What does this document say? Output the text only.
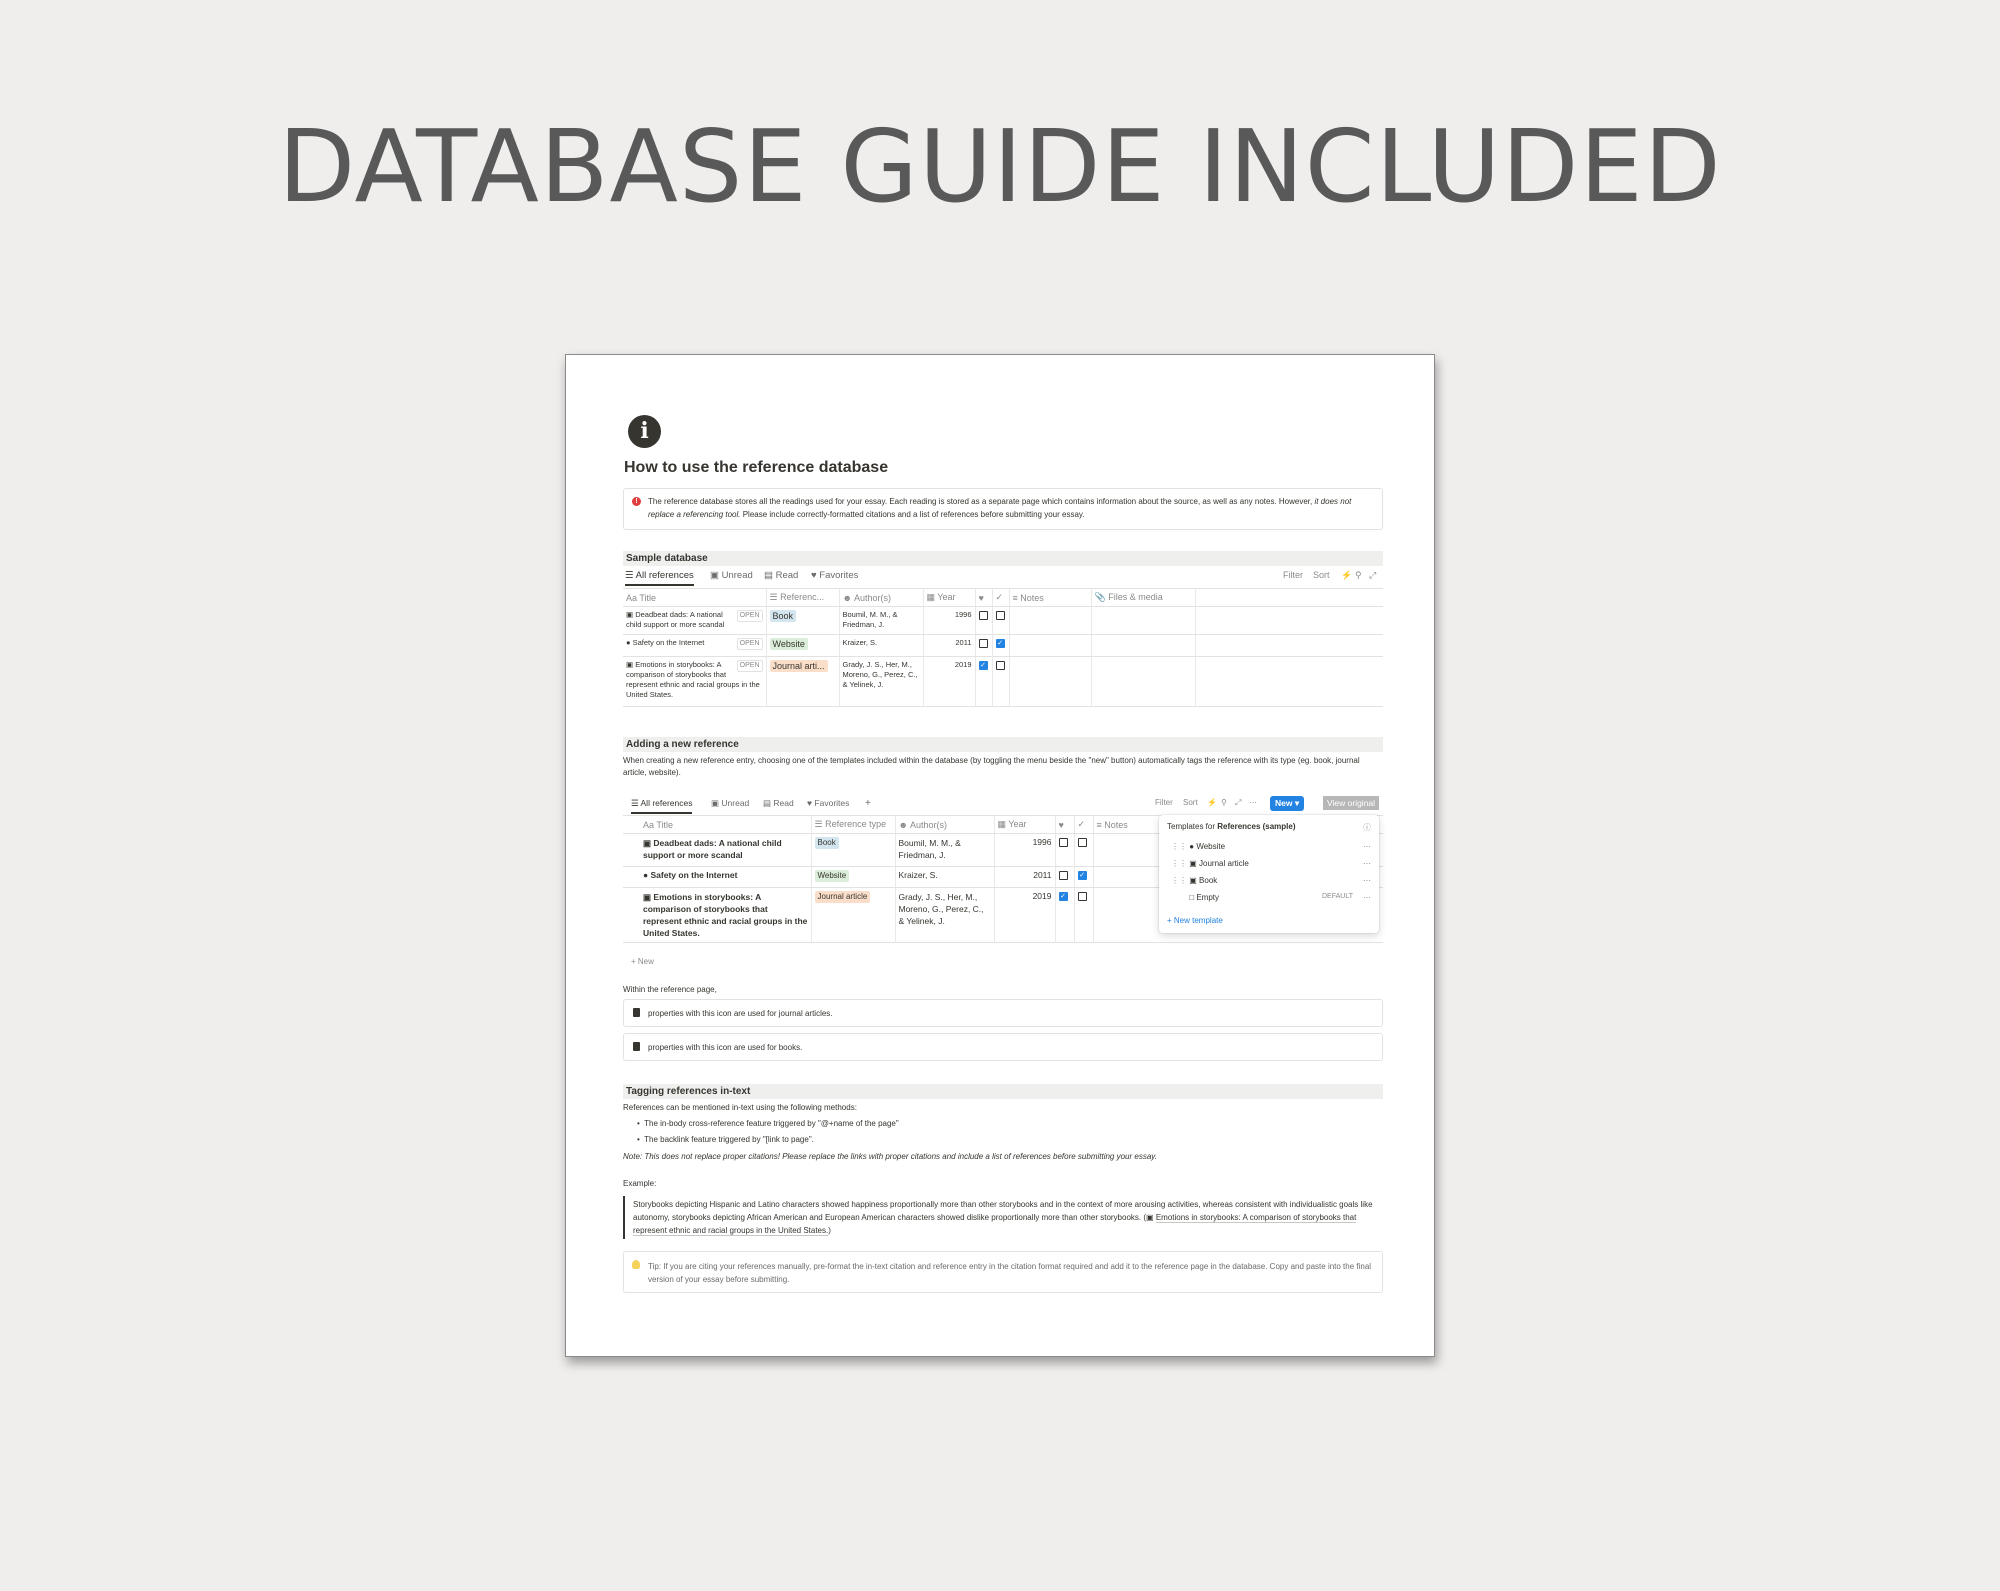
DATABASE GUIDE INCLUDED
i
How to use the reference database
!	The reference database stores all the readings used for your essay. Each reading is stored as a separate page which contains information about the source, as well as any notes. However, it does not replace a referencing tool. Please include correctly-formatted citations and a list of references before submitting your essay.
Sample database
☰ All references ▣ Unread ▤ Read ♥ Favorites	Filter Sort ⚡ ⚲ ⤢
Aa Title	☰ Referenc...	☻ Author(s)	▦ Year	♥	✓	≡ Notes	📎 Files & media	

OPEN
▣ Deadbeat dads: A national child support or more scandal	Book	Boumil, M. M., & Friedman, J.	1996					

OPEN
● Safety on the Internet	Website	Kraizer, S.	2011		✓			

OPEN
▣ Emotions in storybooks: A comparison of storybooks that represent ethnic and racial groups in the United States.	Journal arti...	Grady, J. S., Her, M., Moreno, G., Perez, C., & Yelinek, J.	2019	✓				
Adding a new reference
When creating a new reference entry, choosing one of the templates included within the database (by toggling the menu beside the "new" button) automatically tags the reference with its type (eg. book, journal article, website).
☰ All references ▣ Unread ▤ Read ♥ Favorites +	Filter Sort ⚡ ⚲ ⤢ ⋯	New ▾	View original
Aa Title	☰ Reference type	☻ Author(s)	▦ Year	♥	✓	≡ Notes
▣ Deadbeat dads: A national child support or more scandal	Book	Boumil, M. M., & Friedman, J.	1996			
● Safety on the Internet	Website	Kraizer, S.	2011		✓	
▣ Emotions in storybooks: A comparison of storybooks that represent ethnic and racial groups in the United States.	Journal article	Grady, J. S., Her, M., Moreno, G., Perez, C., & Yelinek, J.	2019	✓		
+ New
Templates for References (sample)	ⓘ
⋮⋮ ● Website	⋯
⋮⋮ ▣ Journal article	⋯
⋮⋮ ▣ Book	⋯
⋮⋮ □ Empty	DEFAULT ⋯
+ New template
Within the reference page,
properties with this icon are used for journal articles.
properties with this icon are used for books.
Tagging references in-text
References can be mentioned in-text using the following methods:
•  The in-body cross-reference feature triggered by "@+name of the page"
•  The backlink feature triggered by "[link to page".
Note: This does not replace proper citations! Please replace the links with proper citations and include a list of references before submitting your essay.
Example:
Storybooks depicting Hispanic and Latino characters showed happiness proportionally more than other storybooks and in the context of more arousing activities, whereas consistent with individualistic goals like autonomy, storybooks depicting African American and European American characters showed dislike proportionally more than other storybooks. (▣ Emotions in storybooks: A comparison of storybooks that represent ethnic and racial groups in the United States.)
Tip: If you are citing your references manually, pre-format the in-text citation and reference entry in the citation format required and add it to the reference page in the database. Copy and paste into the final version of your essay before submitting.
